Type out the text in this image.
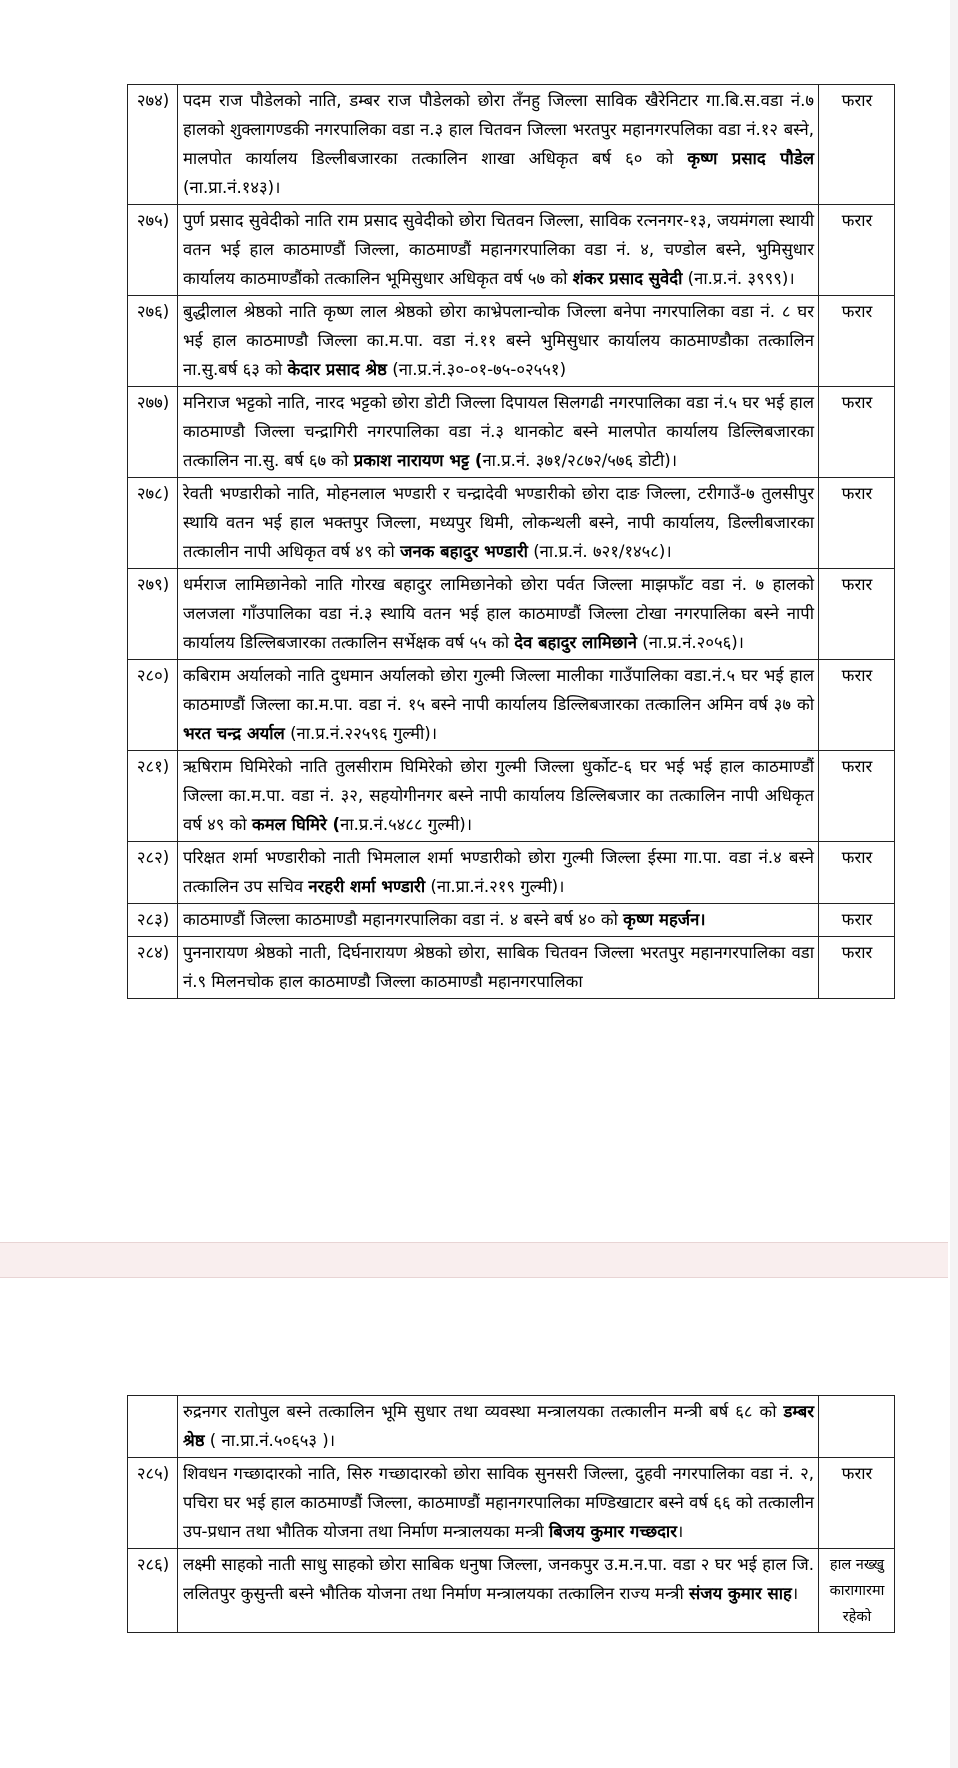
२७४)	पदम राज पौडेलको नाति, डम्बर राज पौडेलको छोरा तँनहु जिल्ला साविक खैरेनिटार गा.बि.स.वडा नं.७ हालको शुक्लागण्डकी नगरपालिका वडा न.३ हाल चितवन जिल्ला भरतपुर महानगरपलिका वडा नं.१२ बस्ने, मालपोत कार्यालय डिल्लीबजारका तत्कालिन शाखा अधिकृत बर्ष ६० को कृष्ण प्रसाद पौडेल (ना.प्रा.नं.१४३)।	फरार
२७५)	पुर्ण प्रसाद सुवेदीको नाति राम प्रसाद सुवेदीको छोरा चितवन जिल्ला, साविक रत्ननगर-१३, जयमंगला स्थायी वतन भई हाल काठमाण्डौं जिल्ला, काठमाण्डौं महानगरपालिका वडा नं. ४, चण्डोल बस्ने, भुमिसुधार कार्यालय काठमाण्डौंको तत्कालिन भूमिसुधार अधिकृत वर्ष ५७ को शंकर प्रसाद सुवेदी (ना.प्र.नं. ३९९९)।	फरार
२७६)	बुद्धीलाल श्रेष्ठको नाति कृष्ण लाल श्रेष्ठको छोरा काभ्रेपलान्चोक जिल्ला बनेपा नगरपालिका वडा नं. ८ घर भई हाल काठमाण्डौ जिल्ला का.म.पा. वडा नं.११ बस्ने भुमिसुधार कार्यालय काठमाण्डौका तत्कालिन ना.सु.बर्ष ६३ को केदार प्रसाद श्रेष्ठ (ना.प्र.नं.३०-०१-७५-०२५५१)	फरार
२७७)	मनिराज भट्टको नाति, नारद भट्टको छोरा डोटी जिल्ला दिपायल सिलगढी नगरपालिका वडा नं.५ घर भई हाल काठमाण्डौ जिल्ला चन्द्रागिरी नगरपालिका वडा नं.३ थानकोट बस्ने मालपोत कार्यालय डिल्लिबजारका तत्कालिन ना.सु. बर्ष ६७ को प्रकाश नारायण भट्ट (ना.प्र.नं. ३७१/२८७२/५७६ डोटी)।	फरार
२७८)	रेवती भण्डारीको नाति, मोहनलाल भण्डारी र चन्द्रादेवी भण्डारीको छोरा दाङ जिल्ला, टरीगाउँ-७ तुलसीपुर स्थायि वतन भई हाल भक्तपुर जिल्ला, मध्यपुर थिमी, लोकन्थली बस्ने, नापी कार्यालय, डिल्लीबजारका तत्कालीन नापी अधिकृत वर्ष ४९ को जनक बहादुर भण्डारी (ना.प्र.नं. ७२१/१४५८)।	फरार
२७९)	धर्मराज लामिछानेको नाति गोरख बहादुर लामिछानेको छोरा पर्वत जिल्ला माझफाँट वडा नं. ७ हालको जलजला गाँउपालिका वडा नं.३ स्थायि वतन भई हाल काठमाण्डौं जिल्ला टोखा नगरपालिका बस्ने नापी कार्यालय डिल्लिबजारका तत्कालिन सर्भेक्षक वर्ष ५५ को देव बहादुर लामिछाने (ना.प्र.नं.२०५६)।	फरार
२८०)	कबिराम अर्यालको नाति दुधमान अर्यालको छोरा गुल्मी जिल्ला मालीका गाउँपालिका वडा.नं.५ घर भई हाल काठमाण्डौं जिल्ला का.म.पा. वडा नं. १५ बस्ने नापी कार्यालय डिल्लिबजारका तत्कालिन अमिन वर्ष ३७ को भरत चन्द्र अर्याल (ना.प्र.नं.२२५९६ गुल्मी)।	फरार
२८१)	ऋषिराम घिमिरेको नाति तुलसीराम घिमिरेको छोरा गुल्मी जिल्ला धुर्कोट-६ घर भई भई हाल काठमाण्डौं जिल्ला का.म.पा. वडा नं. ३२, सहयोगीनगर बस्ने नापी कार्यालय डिल्लिबजार का तत्कालिन नापी अधिकृत वर्ष ४९ को कमल घिमिरे (ना.प्र.नं.५४८८ गुल्मी)।	फरार
२८२)	परिक्षत शर्मा भण्डारीको नाती भिमलाल शर्मा भण्डारीको छोरा गुल्मी जिल्ला ईस्मा गा.पा. वडा नं.४ बस्ने तत्कालिन उप सचिव नरहरी शर्मा भण्डारी (ना.प्रा.नं.२१९ गुल्मी)।	फरार
२८३)	काठमाण्डौं जिल्ला काठमाण्डौ महानगरपालिका वडा नं. ४ बस्ने बर्ष ४० को कृष्ण महर्जन।	फरार
२८४)	पुननारायण श्रेष्ठको नाती, दिर्घनारायण श्रेष्ठको छोरा, साबिक चितवन जिल्ला भरतपुर महानगरपालिका वडा नं.९ मिलनचोक हाल काठमाण्डौ जिल्ला काठमाण्डौ महानगरपालिका	फरार
	रुद्रनगर रातोपुल बस्ने तत्कालिन भूमि सुधार तथा व्यवस्था मन्त्रालयका तत्कालीन मन्त्री बर्ष ६८ को डम्बर श्रेष्ठ ( ना.प्रा.नं.५०६५३ )।	
२८५)	शिवधन गच्छादारको नाति, सिरु गच्छादारको छोरा साविक सुनसरी जिल्ला, दुहवी नगरपालिका वडा नं. २, पचिरा घर भई हाल काठमाण्डौं जिल्ला, काठमाण्डौं महानगरपालिका मण्डिखाटार बस्ने वर्ष ६६ को तत्कालीन उप-प्रधान तथा भौतिक योजना तथा निर्माण मन्त्रालयका मन्त्री बिजय कुमार गच्छदार।	फरार
२८६)	लक्ष्मी साहको नाती साधु साहको छोरा साबिक धनुषा जिल्ला, जनकपुर उ.म.न.पा. वडा २ घर भई हाल जि. ललितपुर कुसुन्ती बस्ने भौतिक योजना तथा निर्माण मन्त्रालयका तत्कालिन राज्य मन्त्री संजय कुमार साह।	हाल नख्खु कारागारमा रहेको
